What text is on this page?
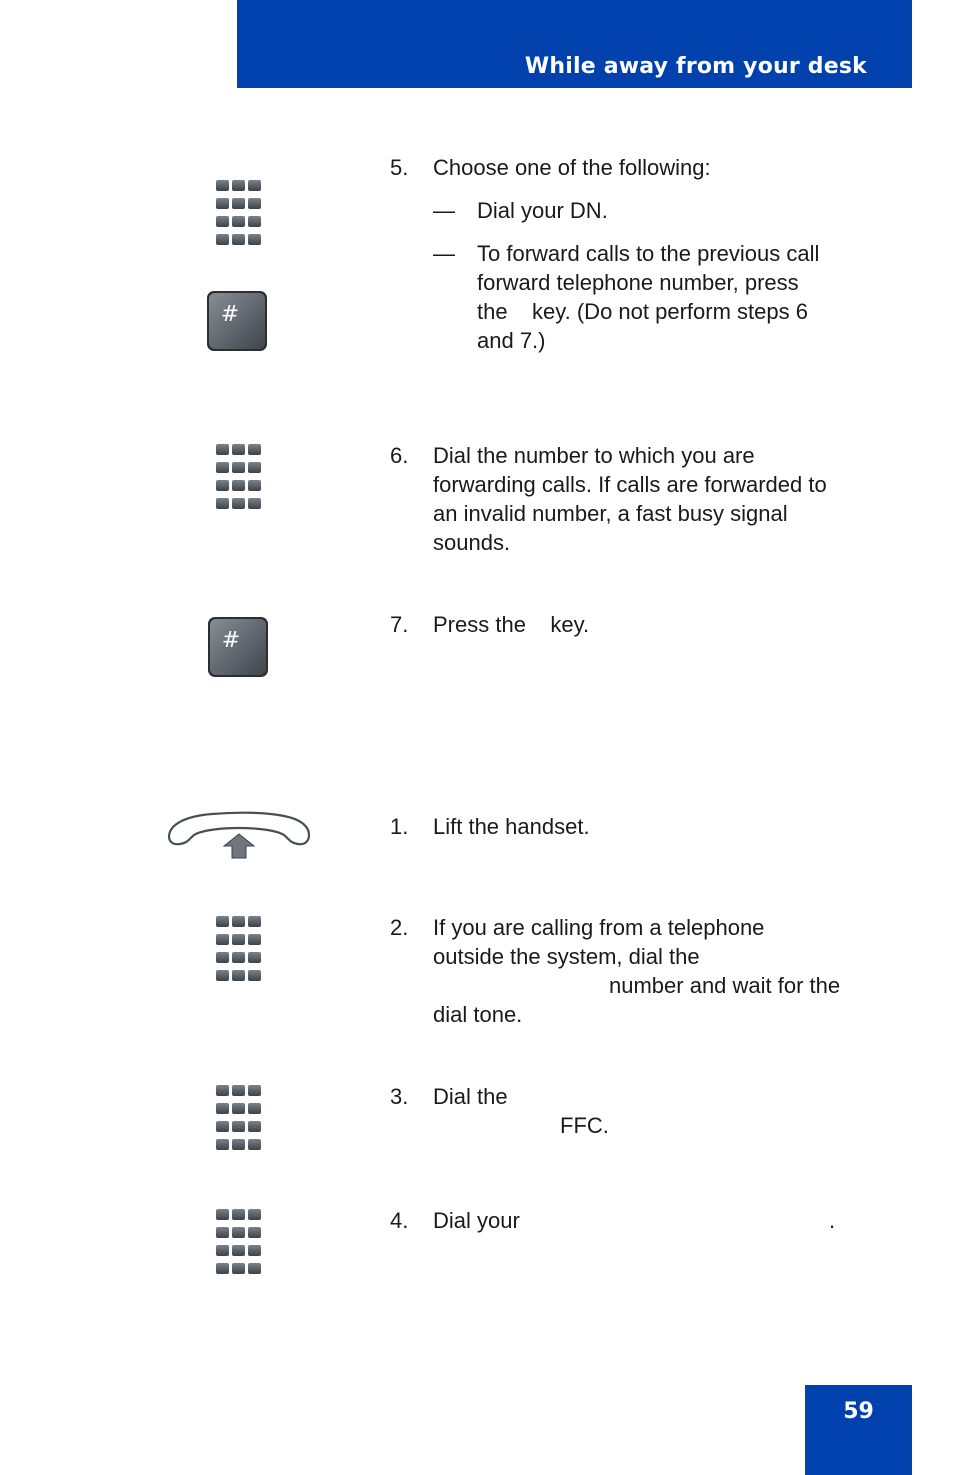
While away from your desk
5.	Choose one of the following:
— Dial your DN.
— To forward calls to the previous call
forward telephone number, press
the    key. (Do not perform steps 6
and 7.)
6.	Dial the number to which you are
forwarding calls. If calls are forwarded to
an invalid number, a fast busy signal
sounds.
7.	Press the    key.
1.	Lift the handset.
2.	If you are calling from a telephone
outside the system, dial the
number and wait for the
dial tone.
3.	Dial the
FFC.
4.	Dial your	.
59
